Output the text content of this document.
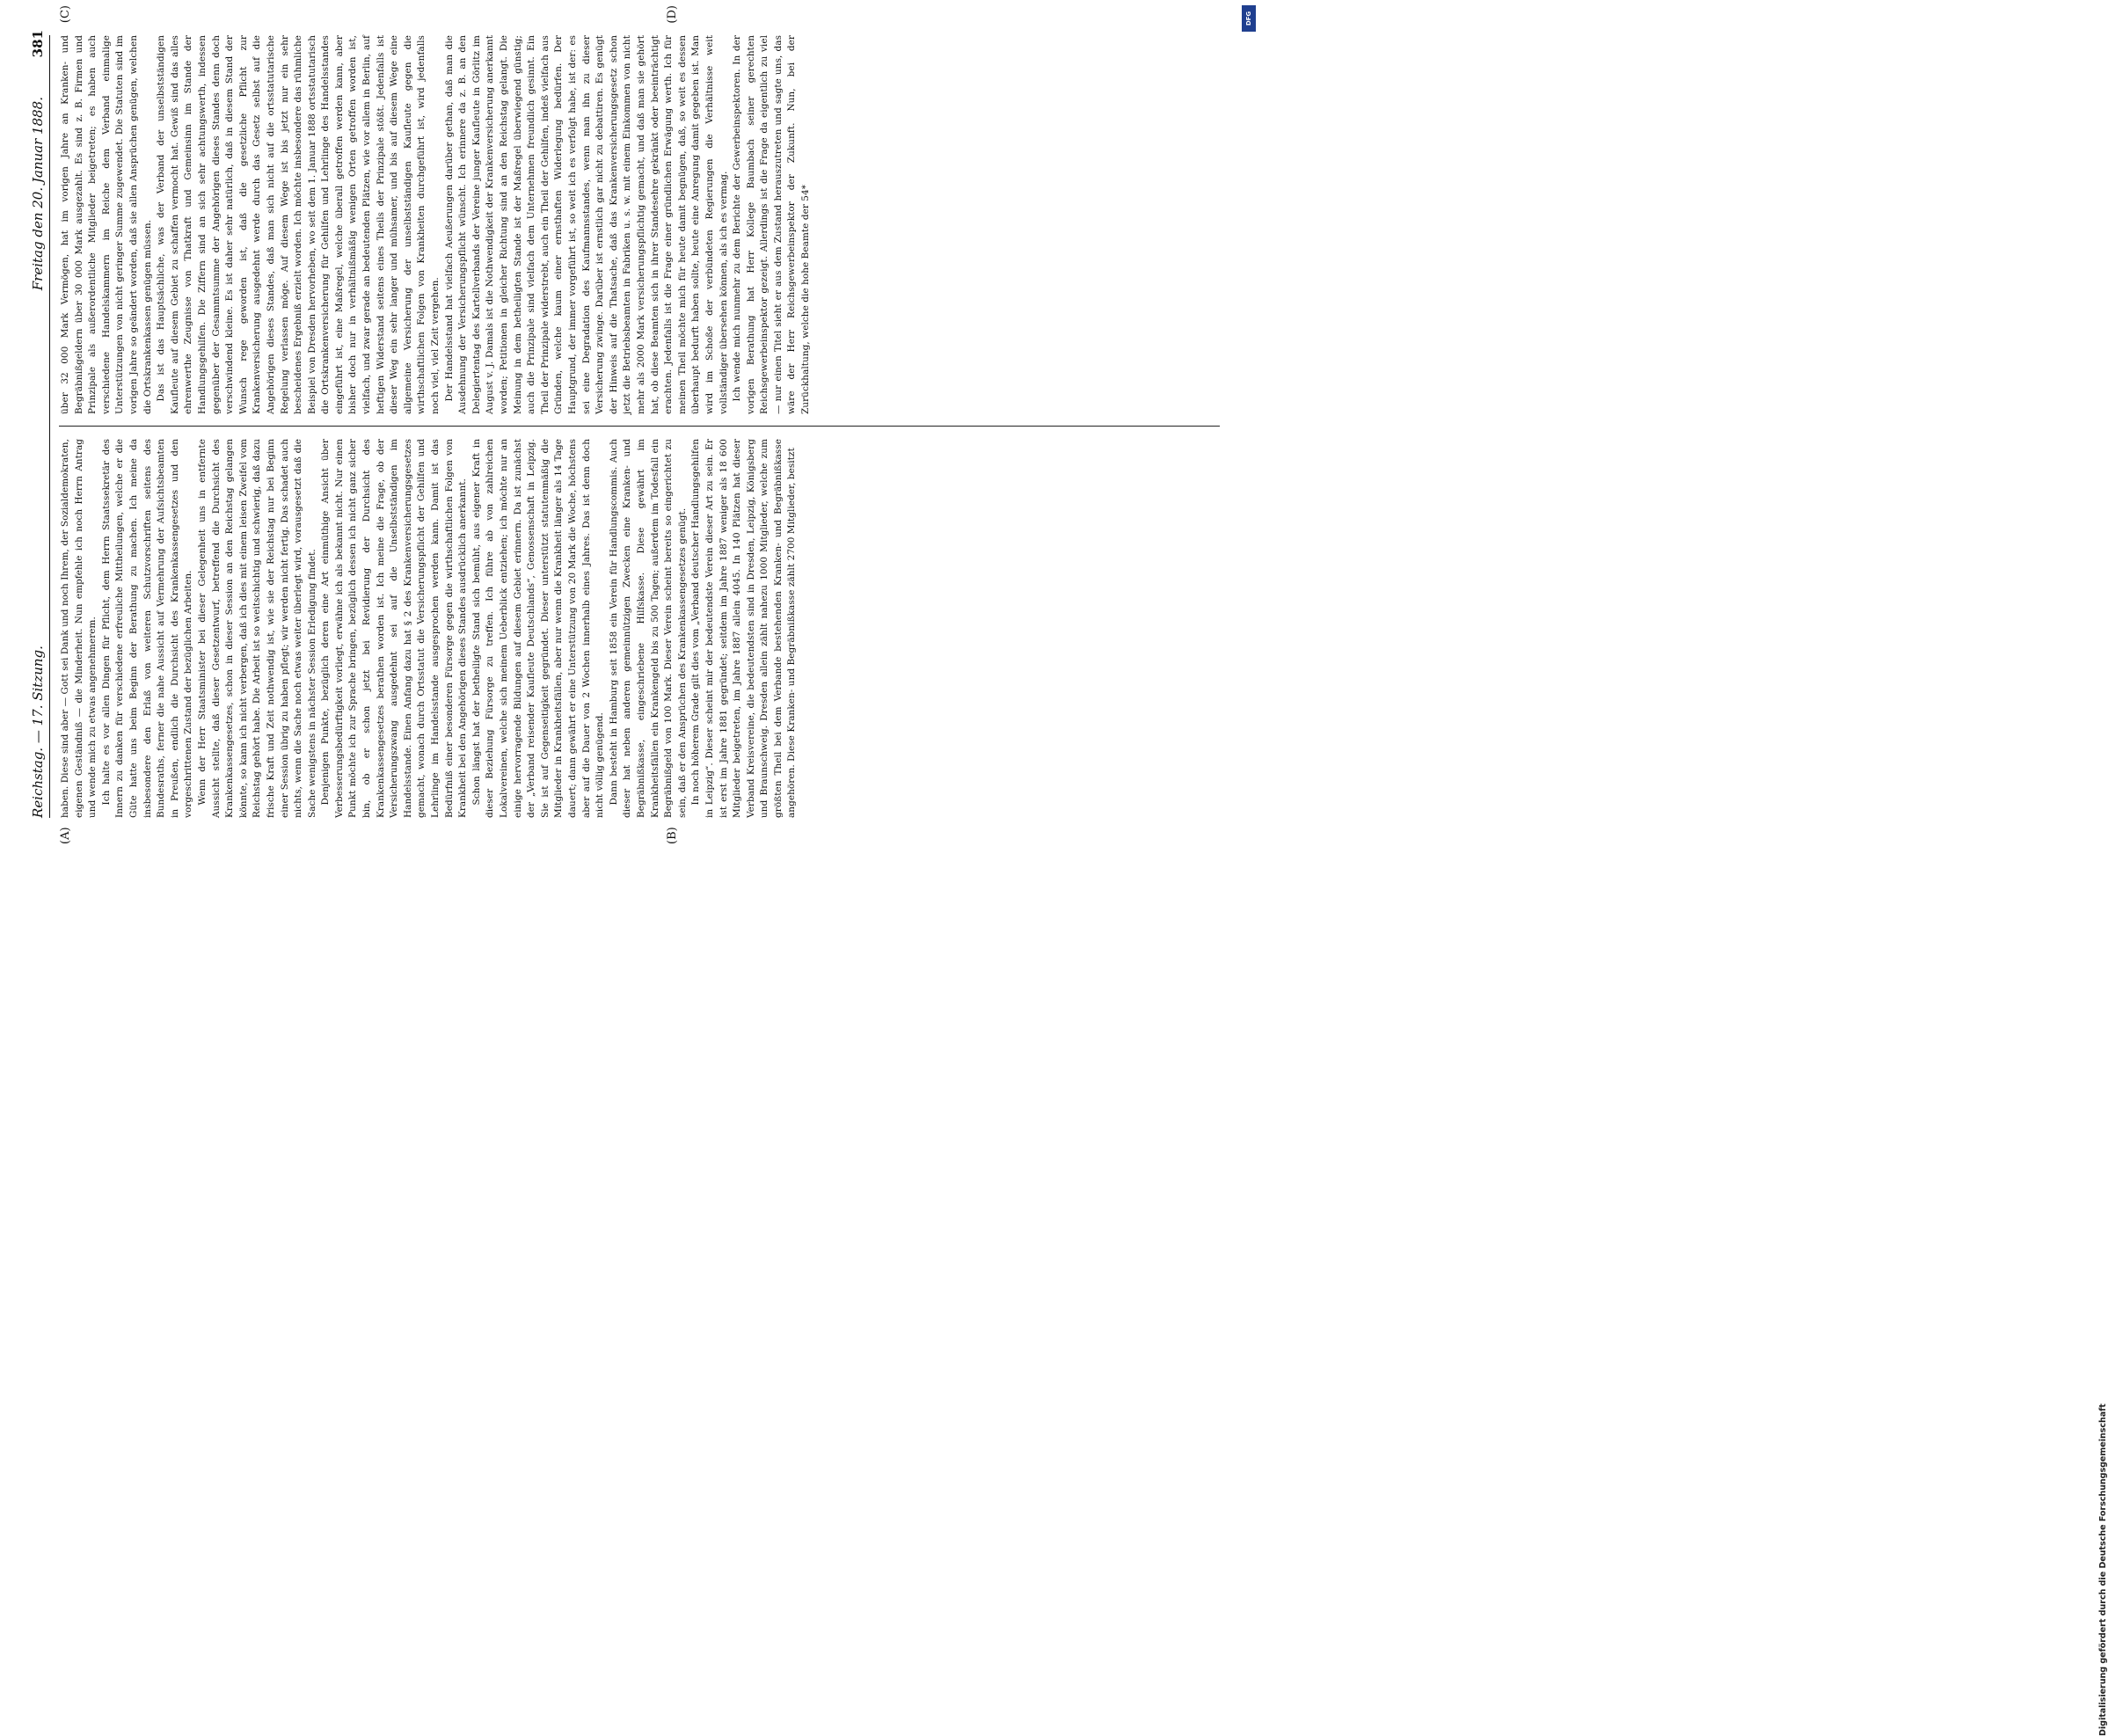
Reichstag. — 17. Sitzung.
Freitag den 20. Januar 1888.
381
(A)	(B)

haben. Diese sind aber — Gott sei Dank und noch Ihrem, der Sozialdemokraten, eigenen Geständniß — die Minderheit. Nun empfehle ich noch Herrn Antrag und wende mich zu etwas angenehmerem. Ich halte es vor allen Dingen für Pflicht, dem Herrn Staatssekretär des Innern zu danken für verschiedene erfreuliche Mittheilungen, welche er die Güte hatte uns beim Beginn der Berathung zu machen. Ich meine da insbesondere den Erlaß von weiteren Schutzvorschriften seitens des Bundesraths, ferner die nahe Aussicht auf Vermehrung der Aufsichtsbeamten in Preußen, endlich die Durchsicht des Krankenkassengesetzes und den vorgeschrittenen Zustand der bezüglichen Arbeiten. Wenn der Herr Staatsminister bei dieser Gelegenheit uns in entfernte Aussicht stellte, daß dieser Gesetzentwurf, betreffend die Durchsicht des Krankenkassengesetzes, schon in dieser Session an den Reichstag gelangen könnte, so kann ich nicht verbergen, daß ich dies mit einem leisen Zweifel vom Reichstag gehört habe. Die Arbeit ist so weitschichtig und schwierig, daß dazu frische Kraft und Zeit nothwendig ist, wie sie der Reichstag nur bei Beginn einer Session übrig zu haben pflegt; wir werden nicht fertig. Das schadet auch nichts, wenn die Sache noch etwas weiter überlegt wird, vorausgesetzt daß die Sache wenigstens in nächster Session Erledigung findet. Denjenigen Punkte, bezüglich deren eine Art einmüthige Ansicht über Verbesserungsbedürftigkeit vorliegt, erwähne ich als bekannt nicht. Nur einen Punkt möchte ich zur Sprache bringen, bezüglich dessen ich nicht ganz sicher bin, ob er schon jetzt bei Revidierung der Durchsicht des Krankenkassengesetzes berathen worden ist. Ich meine die Frage, ob der Versicherungszwang ausgedehnt sei auf die Unselbstständigen im Handelsstande. Einen Anfang dazu hat § 2 des Krankenversicherungsgesetzes gemacht, wonach durch Ortsstatut die Versicherungspflicht der Gehilfen und Lehrlinge im Handelsstande ausgesprochen werden kann. Damit ist das Bedürfniß einer besonderen Fürsorge gegen die wirthschaftlichen Folgen von Krankheit bei den Angehörigen dieses Standes ausdrücklich anerkannt. Schon längst hat der betheiligte Stand sich bemüht, aus eigener Kraft in dieser Beziehung Fürsorge zu treffen. Ich führe ab von zahlreichen Lokalvereinen, welche sich meinem Ueberblick entziehen; ich möchte nur an einige hervorragende Bildungen auf diesem Gebiet erinnern. Da ist zunächst der „Verband reisender Kaufleute Deutschlands“, Genossenschaft in Leipzig. Sie ist auf Gegenseitigkeit gegründet. Dieser unterstützt statutenmäßig die Mitglieder in Krankheitsfällen, aber nur wenn die Krankheit länger als 14 Tage dauert; dann gewährt er eine Unterstützung von 20 Mark die Woche, höchstens aber auf die Dauer von 2 Wochen innerhalb eines Jahres. Das ist denn doch nicht völlig genügend. Dann besteht in Hamburg seit 1858 ein Verein für Handlungscommis. Auch dieser hat neben anderen gemeinnützigen Zwecken eine Kranken- und Begräbnißkasse, eingeschriebene Hilfskasse. Diese gewährt im Krankheitsfällen ein Krankengeld bis zu 500 Tagen; außerdem im Todesfall ein Begräbnißgeld von 100 Mark. Dieser Verein scheint bereits so eingerichtet zu sein, daß er den Ansprüchen des Krankenkassengesetzes genügt. In noch höherem Grade gilt dies vom „Verband deutscher Handlungsgehilfen in Leipzig“. Dieser scheint mir der bedeutendste Verein dieser Art zu sein. Er ist erst im Jahre 1881 gegründet; seitdem im Jahre 1887 weniger als 18 600 Mitglieder beigetreten, im Jahre 1887 allein 4045. In 140 Plätzen hat dieser Verband Kreisvereine, die bedeutendsten sind in Dresden, Leipzig, Königsberg und Braunschweig. Dresden allein zählt nahezu 1000 Mitglieder, welche zum größten Theil bei dem Verbande bestehenden Kranken- und Begräbnißkasse angehören. Diese Kranken- und Begräbnißkasse zählt 2700 Mitglieder, besitzt

(C)	(D)

über 32 000 Mark Vermögen, hat im vorigen Jahre an Kranken- und Begräbnißgeldern über 30 000 Mark ausgezahlt. Es sind z. B. Firmen und Prinzipale als außerordentliche Mitglieder beigetreten; es haben auch verschiedene Handelskammern im Reiche dem Verband einmalige Unterstützungen von nicht geringer Summe zugewendet. Die Statuten sind im vorigen Jahre so geändert worden, daß sie allen Ansprüchen genügen, welchen die Ortskrankenkassen genügen müssen. Das ist das Hauptsächliche, was der Verband der unselbstständigen Kaufleute auf diesem Gebiet zu schaffen vermocht hat. Gewiß sind das alles ehrenwerthe Zeugnisse von Thatkraft und Gemeinsinn im Stande der Handlungsgehilfen. Die Ziffern sind an sich sehr achtungswerth, indessen gegenüber der Gesammtsumme der Angehörigen dieses Standes denn doch verschwindend kleine. Es ist daher sehr natürlich, daß in diesem Stand der Wunsch rege geworden ist, daß die gesetzliche Pflicht zur Krankenversicherung ausgedehnt werde durch das Gesetz selbst auf die Angehörigen dieses Standes, daß man sich nicht auf die ortsstatutarische Regelung verlassen möge. Auf diesem Wege ist bis jetzt nur ein sehr bescheidenes Ergebniß erzielt worden. Ich möchte insbesondere das rühmliche Beispiel von Dresden hervorheben, wo seit dem 1. Januar 1888 ortsstatutarisch die Ortskrankenversicherung für Gehilfen und Lehrlinge des Handelsstandes eingeführt ist, eine Maßregel, welche überall getroffen werden kann, aber bisher doch nur in verhältnißmäßig wenigen Orten getroffen worden ist, vielfach, und zwar gerade an bedeutenden Plätzen, wie vor allem in Berlin, auf heftigen Widerstand seitens eines Theils der Prinzipale stößt. Jedenfalls ist dieser Weg ein sehr langer und mühsamer, und bis auf diesem Wege eine allgemeine Versicherung der unselbstständigen Kaufleute gegen die wirthschaftlichen Folgen von Krankheiten durchgeführt ist, wird jedenfalls noch viel, viel Zeit vergehen. Der Handelsstand hat vielfach Aeußerungen darüber gethan, daß man die Ausdehnung der Versicherungspflicht wünscht. Ich erinnere da z. B. an den Delegiertentag des Kartellverbands der Vereine junger Kaufleute in Görlitz im August v. J. Damals ist die Nothwendigkeit der Krankenversicherung anerkannt worden; Petitionen in gleicher Richtung sind an den Reichstag gelangt. Die Meinung in dem betheiligten Stande ist der Maßregel überwiegend günstig; auch die Prinzipale sind vielfach dem Unternehmen freundlich gesinnt. Ein Theil der Prinzipale widerstrebt, auch ein Theil der Gehilfen, indeß vielfach aus Gründen, welche kaum einer ernsthaften Widerlegung bedürfen. Der Hauptgrund, der immer vorgeführt ist, so weit ich es verfolgt habe, ist der: es sei eine Degradation des Kaufmannsstandes, wenn man ihn zu dieser Versicherung zwinge. Darüber ist ernstlich gar nicht zu debattiren. Es genügt der Hinweis auf die Thatsache, daß das Krankenversicherungsgesetz schon jetzt die Betriebsbeamten in Fabriken u. s. w. mit einem Einkommen von nicht mehr als 2000 Mark versicherungspflichtig gemacht, und daß man sie gehört hat, ob diese Beamten sich in ihrer Standesehre gekränkt oder beeinträchtigt erachten. Jedenfalls ist die Frage einer gründlichen Erwägung werth. Ich für meinen Theil möchte mich für heute damit begnügen, daß, so weit es dessen überhaupt bedurft haben sollte, heute eine Anregung damit gegeben ist. Man wird im Schoße der verbündeten Regierungen die Verhältnisse weit vollständiger übersehen können, als ich es vermag. Ich wende mich nunmehr zu dem Berichte der Gewerbeinspektoren. In der vorigen Berathung hat Herr Kollege Baumbach seiner gerechten Reichsgewerbeinspektor gezeigt. Allerdings ist die Frage da eigentlich zu viel — nur einen Titel sieht er aus dem Zustand herauszutreten und sagte uns, das wäre der Herr Reichsgewerbeinspektor der Zukunft. Nun, bei der Zurückhaltung, welche die hohe Beamte der 54*

DFG
Digitalisierung gefördert durch die Deutsche Forschungsgemeinschaft
